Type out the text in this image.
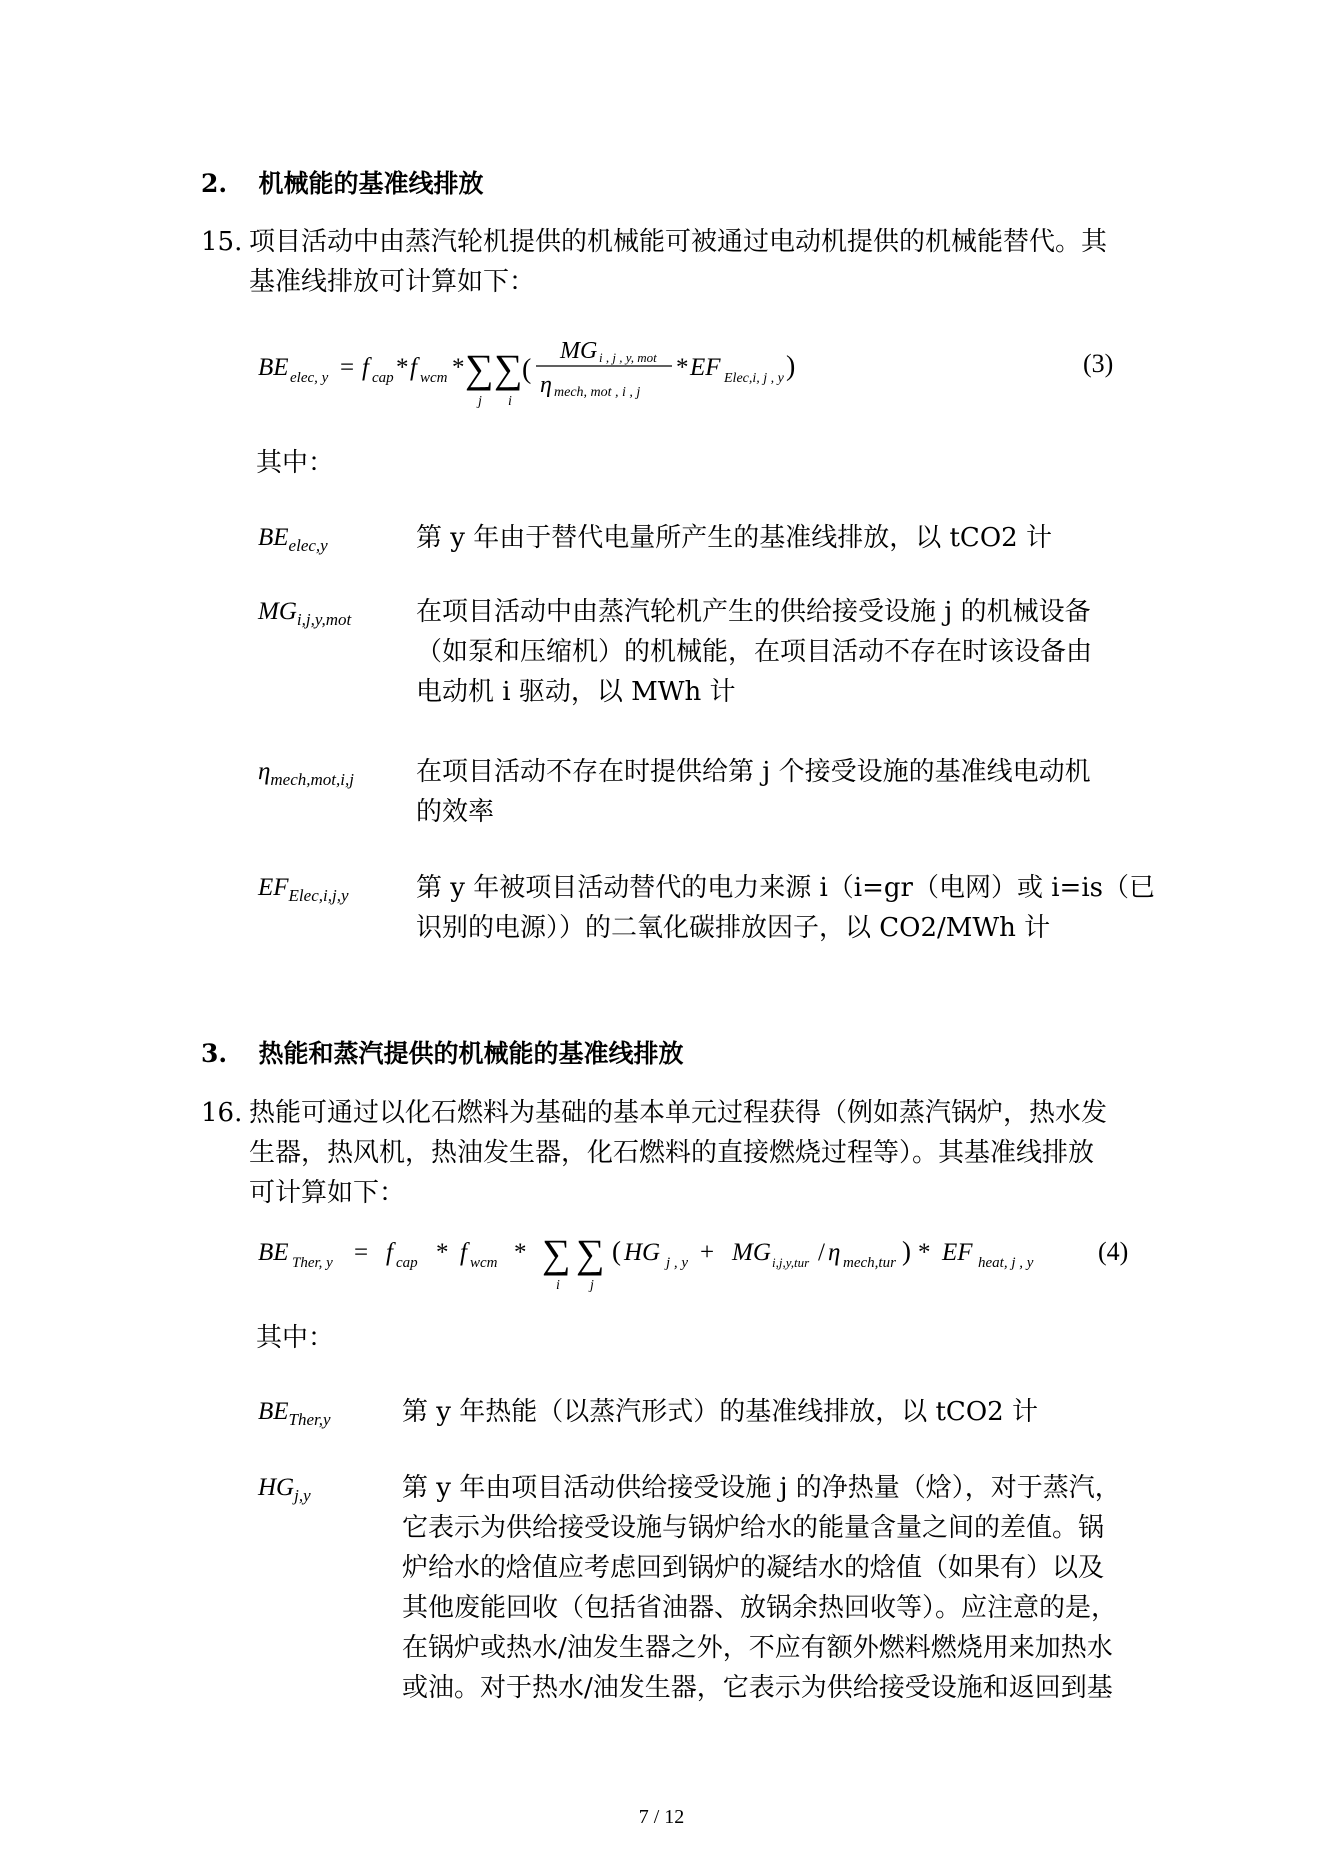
2. 机械能的基准线排放
15. 项目活动中由蒸汽轮机提供的机械能可被通过电动机提供的机械能替代。其
基准线排放可计算如下：
BE elec, y = f cap * f wcm * ∑ ∑
j i
(
MG i , j , y, mot
η mech, mot , i , j
* EF Elec,i, j , y )	(3)
其中：
$BE_{elec,y}$	第 y 年由于替代电量所产生的基准线排放，以 tCO2 计
$MG_{i,j,y,mot}$ 在项目活动中由蒸汽轮机产生的供给接受设施 j 的机械设备
（如泵和压缩机）的机械能，在项目活动不存在时该设备由
电动机 i 驱动，以 MWh 计
$\eta_{mech,mot,i,j}$ 在项目活动不存在时提供给第 j 个接受设施的基准线电动机
的效率
$EF_{Elec,i,j,y}$	第 y 年被项目活动替代的电力来源 i（i=gr（电网）或 i=is（已
识别的电源））的二氧化碳排放因子，以 CO2/MWh 计
3. 热能和蒸汽提供的机械能的基准线排放
16. 热能可通过以化石燃料为基础的基本单元过程获得（例如蒸汽锅炉，热水发
生器，热风机，热油发生器，化石燃料的直接燃烧过程等）。其基准线排放
可计算如下：
BE Ther, y = f cap * f wcm * ∑ ∑
i j
( HG j , y + MG i,j,y,tur / η mech,tur ) * EF heat, j , y (4)
其中：
$BE_{Ther,y}$	第 y 年热能（以蒸汽形式）的基准线排放，以 tCO2 计
$HG_{j,y}$	第 y 年由项目活动供给接受设施 j 的净热量（焓），对于蒸汽，
它表示为供给接受设施与锅炉给水的能量含量之间的差值。锅
炉给水的焓值应考虑回到锅炉的凝结水的焓值（如果有）以及
其他废能回收（包括省油器、放锅余热回收等）。应注意的是，
在锅炉或热水/油发生器之外，不应有额外燃料燃烧用来加热水
或油。对于热水/油发生器，它表示为供给接受设施和返回到基
7 / 12
